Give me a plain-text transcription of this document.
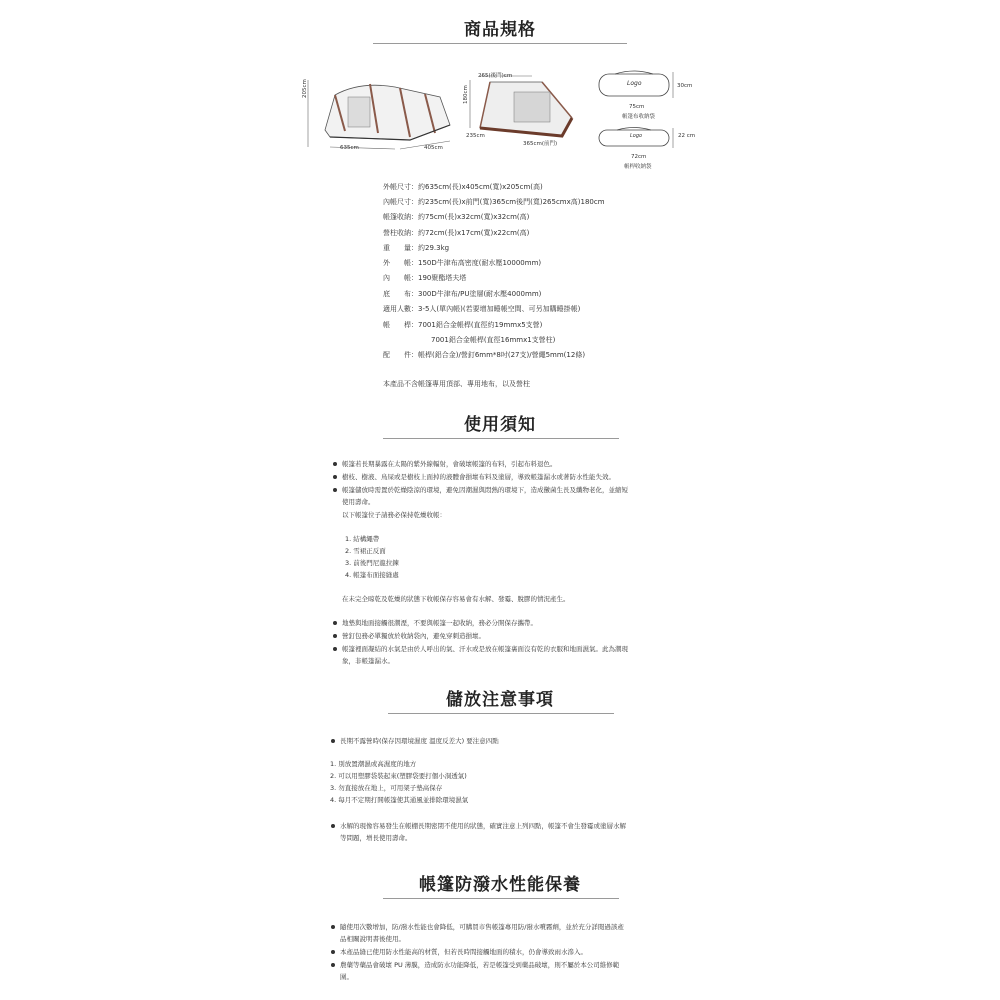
商品規格
205cm
635cm	405cm
265(後門)cm
180cm
235cm
365cm(前門)
Logo	30cm
75cm
帳篷布收納袋
Logo	22 cm
72cm
帳桿收納袋
外帳尺寸：約635cm(長)x405cm(寬)x205cm(高)
內帳尺寸：約235cm(長)x前門(寬)365cm後門(寬)265cmx高)180cm
帳篷收納：約75cm(長)x32cm(寬)x32cm(高)
營柱收納：約72cm(長)x17cm(寬)x22cm(高)
重　　量：約29.3kg
外　　帳：150D牛津布高密度(耐水壓10000mm)
內　　帳：190聚酯塔夫塔
底　　布：300D牛津布/PU塗層(耐水壓4000mm)
適用人數：3-5人(單內帳)(若要增加睡帳空間、可另加購睡掛帳)
帳　　桿：7001鋁合金帳桿(直徑約19mmx5支營)
7001鋁合金帳桿(直徑16mmx1支營柱)
配　　件：帳桿(鋁合金)/營釘6mm*8吋(27支)/營繩5mm(12條)
本產品不含帳篷專用頂部、專用地布，以及營柱
使用須知
帳篷若長期暴露在太陽的紫外線輻射，會破壞帳篷的布料，引起布料退色。
樹枝、樹液、鳥屎或是樹枝上面掉的液體會損壞布料及塗層，導致帳篷漏水或著防水性能失效。
帳篷儲放時需置於乾燥陰涼的環境，避免因潮濕與悶熱的環境下，造成黴菌生長及纖物老化，並縮短
使用壽命。
以下帳篷位子請務必保持乾燥收帳：
1. 結構繩帶
2. 雪裙正反面
3. 前後門尼龍拉鍊
4. 帳篷布面接縫處
在未完全晾乾及乾燥的狀態下收帳保存容易會有水解、發霉、脫膠的情況產生。
地墊與地面接觸很潮溼，不要與帳篷一起收納，務必分開保存攜帶。
營釘包務必單獨放於收納袋內，避免穿刺造損壞。
帳篷裡面凝結的水氣是由於人呼出的氣、汗水或是放在帳篷裏面沒有乾的衣服和地面濕氣。此為潮現
象，非帳篷漏水。
儲放注意事項
長期不露營時(保存因環境濕度 溫度反差大) 要注意四點
1. 別放置潮濕或高濕度的地方
2. 可以用塑膠袋裝起來(塑膠袋要打個小洞透氣)
3. 勿直接放在地上，可用架子墊高保存
4. 每月不定期打開帳篷使其通風並排除環境濕氣
水解的現像容易發生在帳棚長期密閉不使用的狀態，確實注意上列四點，帳篷不會生發霉或塗層水解
等問題，增長使用壽命。
帳篷防潑水性能保養
隨使用次數增加，防/潑水性能也會降低，可購買市售帳篷專用防/潑水噴霧劑，並於充分詳閱過該產
品相關說明書後使用。
本產品縫已使用防水性能高的材質，但若長時間接觸地面的積水，仍會導致雨水滲入。
農藥等藥品會破壞 PU 薄膜，造成防水功能降低，若是帳篷受到藥品破壞，則不屬於本公司維修範
圍。
